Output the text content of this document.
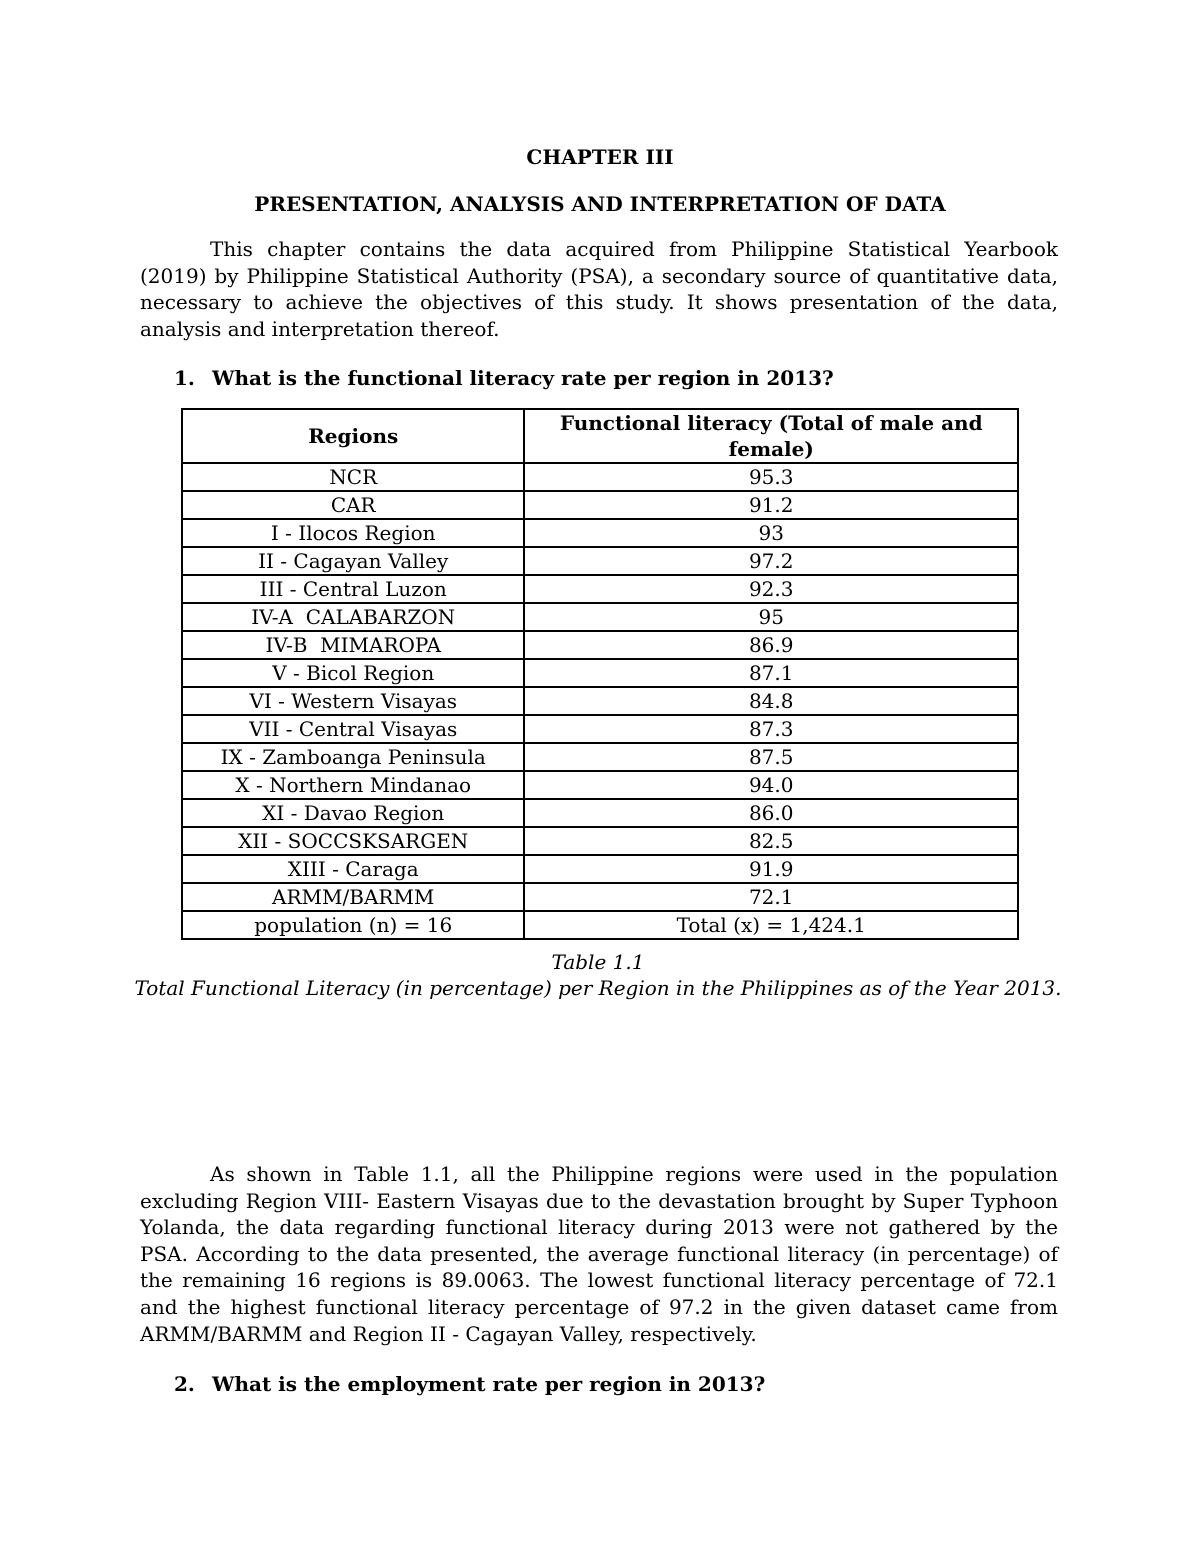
CHAPTER III
PRESENTATION, ANALYSIS AND INTERPRETATION OF DATA
This chapter contains the data acquired from Philippine Statistical Yearbook (2019) by Philippine Statistical Authority (PSA), a secondary source of quantitative data, necessary to achieve the objectives of this study. It shows presentation of the data, analysis and interpretation thereof.
1. What is the functional literacy rate per region in 2013?
Regions	Functional literacy (Total of male and female)
NCR	95.3
CAR	91.2
I - Ilocos Region	93
II - Cagayan Valley	97.2
III - Central Luzon	92.3
IV-A  CALABARZON	95
IV-B  MIMAROPA	86.9
V - Bicol Region	87.1
VI - Western Visayas	84.8
VII - Central Visayas	87.3
IX - Zamboanga Peninsula	87.5
X - Northern Mindanao	94.0
XI - Davao Region	86.0
XII - SOCCSKSARGEN	82.5
XIII - Caraga	91.9
ARMM/BARMM	72.1
population (n) = 16	Total (x) = 1,424.1
Table 1.1
Total Functional Literacy (in percentage) per Region in the Philippines as of the Year 2013.
As shown in Table 1.1, all the Philippine regions were used in the population excluding Region VIII- Eastern Visayas due to the devastation brought by Super Typhoon Yolanda, the data regarding functional literacy during 2013 were not gathered by the PSA. According to the data presented, the average functional literacy (in percentage) of the remaining 16 regions is 89.0063. The lowest functional literacy percentage of 72.1 and the highest functional literacy percentage of 97.2 in the given dataset came from ARMM/BARMM and Region II - Cagayan Valley, respectively.
2. What is the employment rate per region in 2013?
